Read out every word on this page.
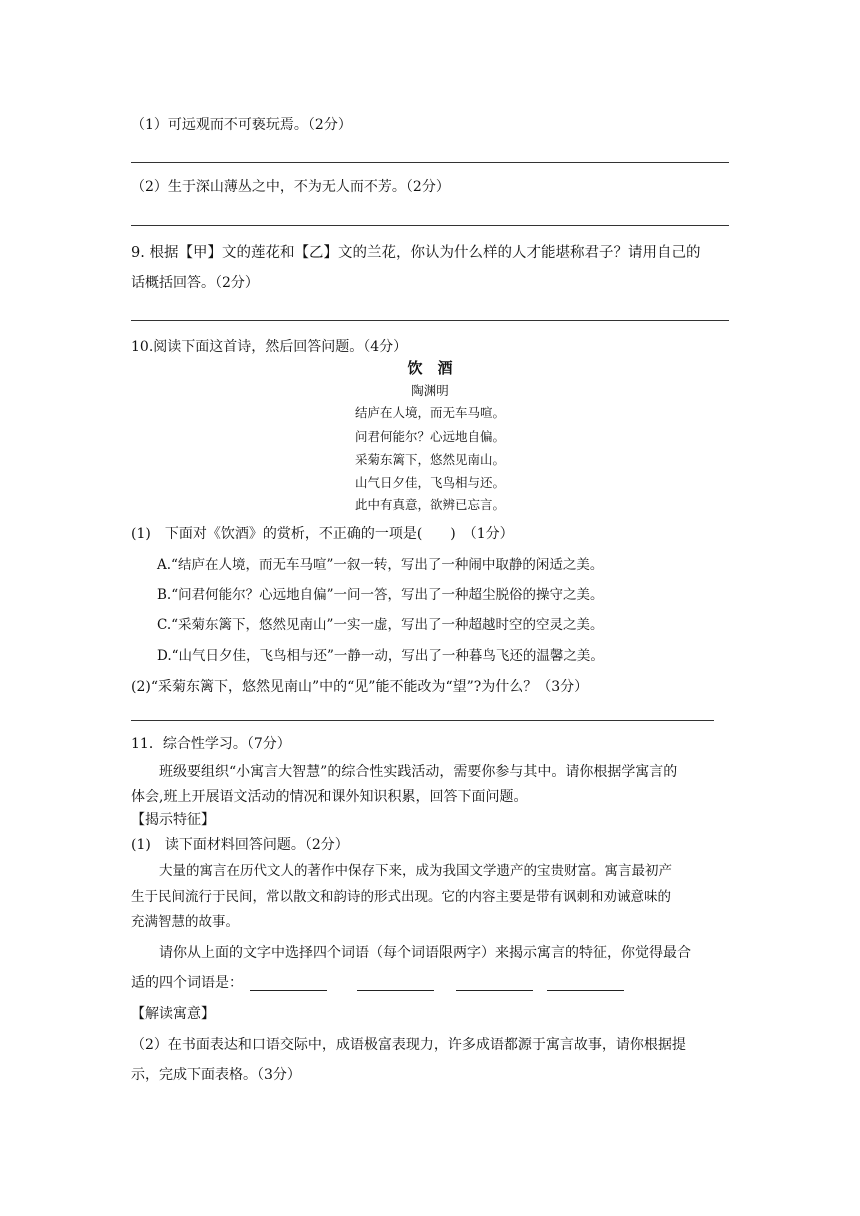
（1）可远观而不可亵玩焉。（2分）
（2）生于深山薄丛之中，不为无人而不芳。（2分）
9. 根据【甲】文的莲花和【乙】文的兰花，你认为什么样的人才能堪称君子？请用自己的
话概括回答。（2分）
10.阅读下面这首诗，然后回答问题。（4分）
饮　酒
陶渊明
结庐在人境，而无车马喧。
问君何能尔？心远地自偏。
采菊东篱下，悠然见南山。
山气日夕佳，飞鸟相与还。
此中有真意，欲辨已忘言。
(1)　下面对《饮酒》的赏析，不正确的一项是(　　)　（1分）
A.“结庐在人境，而无车马喧”一叙一转，写出了一种闹中取静的闲适之美。
B.“问君何能尔？心远地自偏”一问一答，写出了一种超尘脱俗的操守之美。
C.“采菊东篱下，悠然见南山”一实一虚，写出了一种超越时空的空灵之美。
D.“山气日夕佳，飞鸟相与还”一静一动，写出了一种暮鸟飞还的温馨之美。
(2)“采菊东篱下，悠然见南山”中的“见”能不能改为“望”?为什么？（3分）
11．综合性学习。（7分）
班级要组织“小寓言大智慧”的综合性实践活动，需要你参与其中。请你根据学寓言的
体会,班上开展语文活动的情况和课外知识积累，回答下面问题。
【揭示特征】
(1)　读下面材料回答问题。（2分）
大量的寓言在历代文人的著作中保存下来，成为我国文学遗产的宝贵财富。寓言最初产
生于民间流行于民间，常以散文和韵诗的形式出现。它的内容主要是带有讽刺和劝诫意味的
充满智慧的故事。
请你从上面的文字中选择四个词语（每个词语限两字）来揭示寓言的特征，你觉得最合
适的四个词语是：
【解读寓意】
（2）在书面表达和口语交际中，成语极富表现力，许多成语都源于寓言故事，请你根据提
示，完成下面表格。（3分）
